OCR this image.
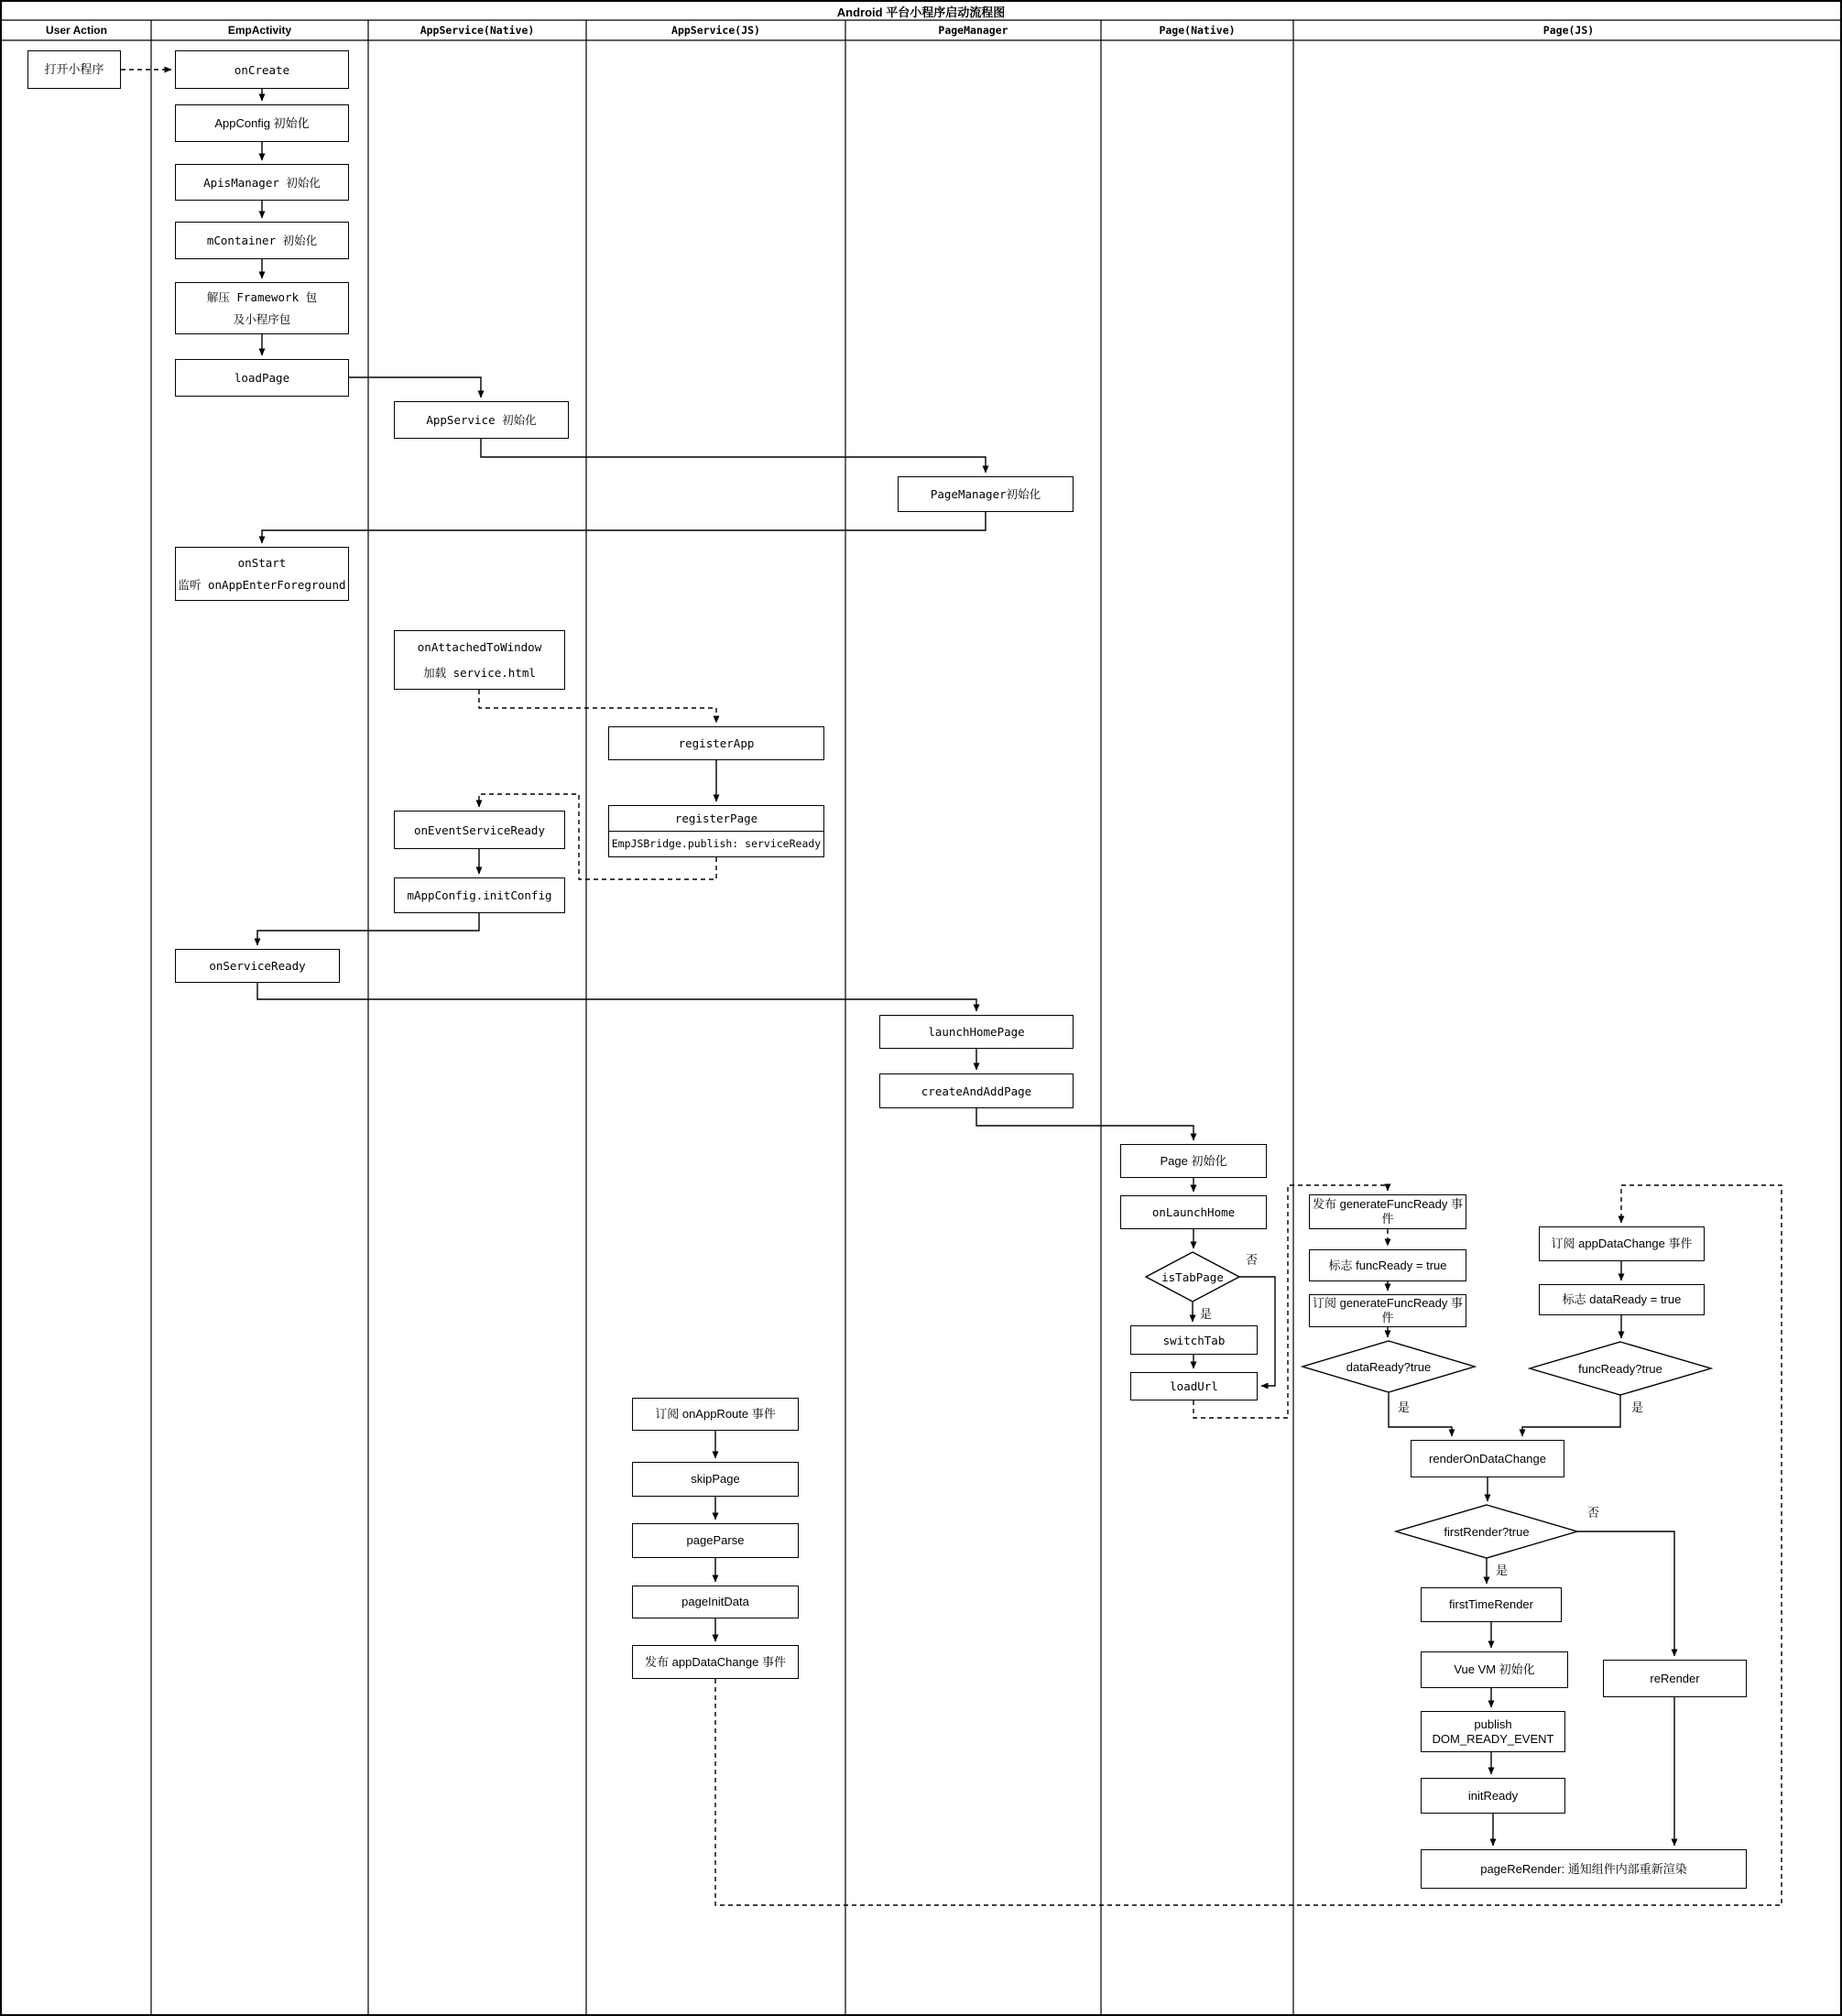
Android 平台小程序启动流程图
User Action	EmpActivity	AppService(Native)	AppService(JS)	PageManager	Page(Native)	Page(JS)
打开小程序	onCreate
AppConfig 初始化
ApisManager 初始化
mContainer 初始化
解压 Framework 包
及小程序包
loadPage
AppService 初始化
PageManager初始化
onStart
监听 onAppEnterForeground
onAttachedToWindow
加载 service.html
registerApp
registerPage
EmpJSBridge.publish: serviceReady
onEventServiceReady
mAppConfig.initConfig
onServiceReady
launchHomePage
createAndAddPage
Page 初始化
onLaunchHome
isTabPage
switchTab
loadUrl
发布 generateFuncReady 事件
标志 funcReady = true
订阅 generateFuncReady 事件
dataReady?true
订阅 appDataChange 事件
标志 dataReady = true
funcReady?true
renderOnDataChange
firstRender?true
firstTimeRender
Vue VM 初始化
reRender
publish
DOM_READY_EVENT
initReady
pageReRender: 通知组件内部重新渲染
订阅 onAppRoute 事件
skipPage
pageParse
pageInitData
发布 appDataChange 事件
是
否
是	是
是
否
